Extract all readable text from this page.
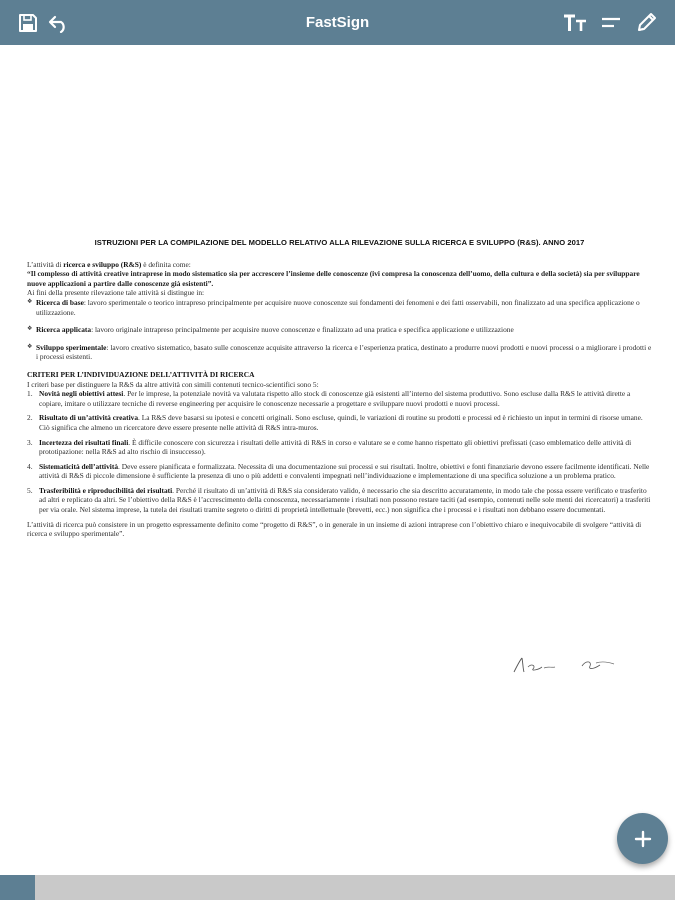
FastSign
ISTRUZIONI PER LA COMPILAZIONE DEL MODELLO RELATIVO ALLA RILEVAZIONE SULLA RICERCA E SVILUPPO (R&S). ANNO 2017

L’attività di ricerca e sviluppo (R&S) è definita come:

“Il complesso di attività creative intraprese in modo sistematico sia per accrescere l’insieme delle conoscenze (ivi compresa la conoscenza dell’uomo, della cultura e della società) sia per sviluppare nuove applicazioni a partire dalle conoscenze già esistenti”.

Ai fini della presente rilevazione tale attività si distingue in:

❖ Ricerca di base: lavoro sperimentale o teorico intrapreso principalmente per acquisire nuove conoscenze sui fondamenti dei fenomeni e dei fatti osservabili, non finalizzato ad una specifica applicazione o utilizzazione.
❖ Ricerca applicata: lavoro originale intrapreso principalmente per acquisire nuove conoscenze e finalizzato ad una pratica e specifica applicazione e utilizzazione
❖ Sviluppo sperimentale: lavoro creativo sistematico, basato sulle conoscenze acquisite attraverso la ricerca e l’esperienza pratica, destinato a produrre nuovi prodotti e nuovi processi o a migliorare i prodotti e i processi esistenti.

CRITERI PER L’INDIVIDUAZIONE DELL’ATTIVITÀ DI RICERCA

I criteri base per distinguere la R&S da altre attività con simili contenuti tecnico-scientifici sono 5:

1. Novità negli obiettivi attesi. Per le imprese, la potenziale novità va valutata rispetto allo stock di conoscenze già esistenti all’interno del sistema produttivo. Sono escluse dalla R&S le attività dirette a copiare, imitare o utilizzare tecniche di reverse engineering per acquisire le conoscenze necessarie a progettare e sviluppare nuovi prodotti e nuovi processi.
2. Risultato di un’attività creativa. La R&S deve basarsi su ipotesi e concetti originali. Sono escluse, quindi, le variazioni di routine su prodotti e processi ed è richiesto un input in termini di risorse umane. Ciò significa che almeno un ricercatore deve essere presente nelle attività di R&S intra-muros.
3. Incertezza dei risultati finali. È difficile conoscere con sicurezza i risultati delle attività di R&S in corso e valutare se e come hanno rispettato gli obiettivi prefissati (caso emblematico delle attività di prototipazione: nella R&S ad alto rischio di insuccesso).
4. Sistematicità dell’attività. Deve essere pianificata e formalizzata. Necessita di una documentazione sui processi e sui risultati. Inoltre, obiettivi e fonti finanziarie devono essere facilmente identificati. Nelle attività di R&S di piccole dimensione è sufficiente la presenza di uno o più addetti e convalenti impegnati nell’individuazione e implementazione di una specifica soluzione a un problema pratico.
5. Trasferibilità e riproducibilità dei risultati. Perché il risultato di un’attività di R&S sia considerato valido, è necessario che sia descritto accuratamente, in modo tale che possa essere verificato e trasferito ad altri e replicato da altri. Se l’obiettivo della R&S è l’accrescimento della conoscenza, necessariamente i risultati non possono restare taciti (ad esempio, contenuti nelle sole menti dei ricercatori) a trasferiti per via orale. Nel sistema imprese, la tutela dei risultati tramite segreto o diritti di proprietà intellettuale (brevetti, ecc.) non significa che i processi e i risultati non debbano essere documentati.

L’attività di ricerca può consistere in un progetto espressamente definito come “progetto di R&S”, o in generale in un insieme di azioni intraprese con l’obiettivo chiaro e inequivocabile di svolgere “attività di ricerca e sviluppo sperimentale”.
